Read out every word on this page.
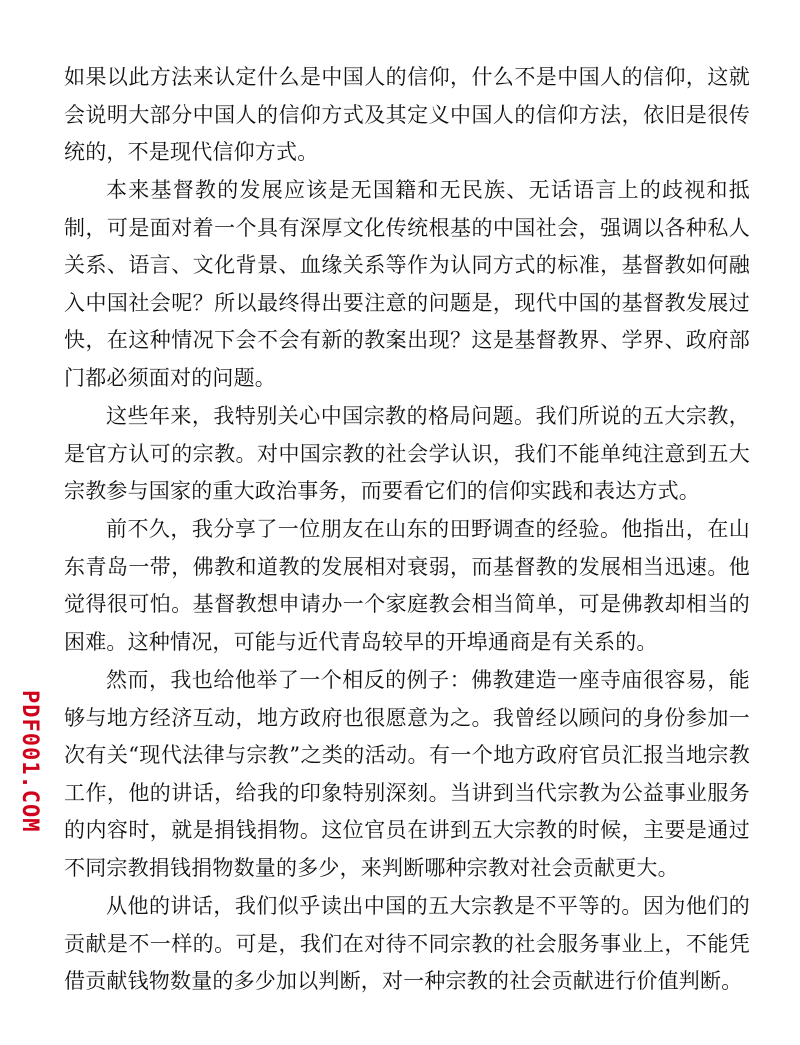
如果以此方法来认定什么是中国人的信仰，什么不是中国人的信仰，这就会说明大部分中国人的信仰方式及其定义中国人的信仰方法，依旧是很传统的，不是现代信仰方式。

本来基督教的发展应该是无国籍和无民族、无话语言上的歧视和抵制，可是面对着一个具有深厚文化传统根基的中国社会，强调以各种私人关系、语言、文化背景、血缘关系等作为认同方式的标准，基督教如何融入中国社会呢？所以最终得出要注意的问题是，现代中国的基督教发展过快，在这种情况下会不会有新的教案出现？这是基督教界、学界、政府部门都必须面对的问题。

这些年来，我特别关心中国宗教的格局问题。我们所说的五大宗教，是官方认可的宗教。对中国宗教的社会学认识，我们不能单纯注意到五大宗教参与国家的重大政治事务，而要看它们的信仰实践和表达方式。

前不久，我分享了一位朋友在山东的田野调查的经验。他指出，在山东青岛一带，佛教和道教的发展相对衰弱，而基督教的发展相当迅速。他觉得很可怕。基督教想申请办一个家庭教会相当简单，可是佛教却相当的困难。这种情况，可能与近代青岛较早的开埠通商是有关系的。

然而，我也给他举了一个相反的例子：佛教建造一座寺庙很容易，能够与地方经济互动，地方政府也很愿意为之。我曾经以顾问的身份参加一次有关“现代法律与宗教”之类的活动。有一个地方政府官员汇报当地宗教工作，他的讲话，给我的印象特别深刻。当讲到当代宗教为公益事业服务的内容时，就是捐钱捐物。这位官员在讲到五大宗教的时候，主要是通过不同宗教捐钱捐物数量的多少，来判断哪种宗教对社会贡献更大。

从他的讲话，我们似乎读出中国的五大宗教是不平等的。因为他们的贡献是不一样的。可是，我们在对待不同宗教的社会服务事业上，不能凭借贡献钱物数量的多少加以判断，对一种宗教的社会贡献进行价值判断。

PDF001.COM
